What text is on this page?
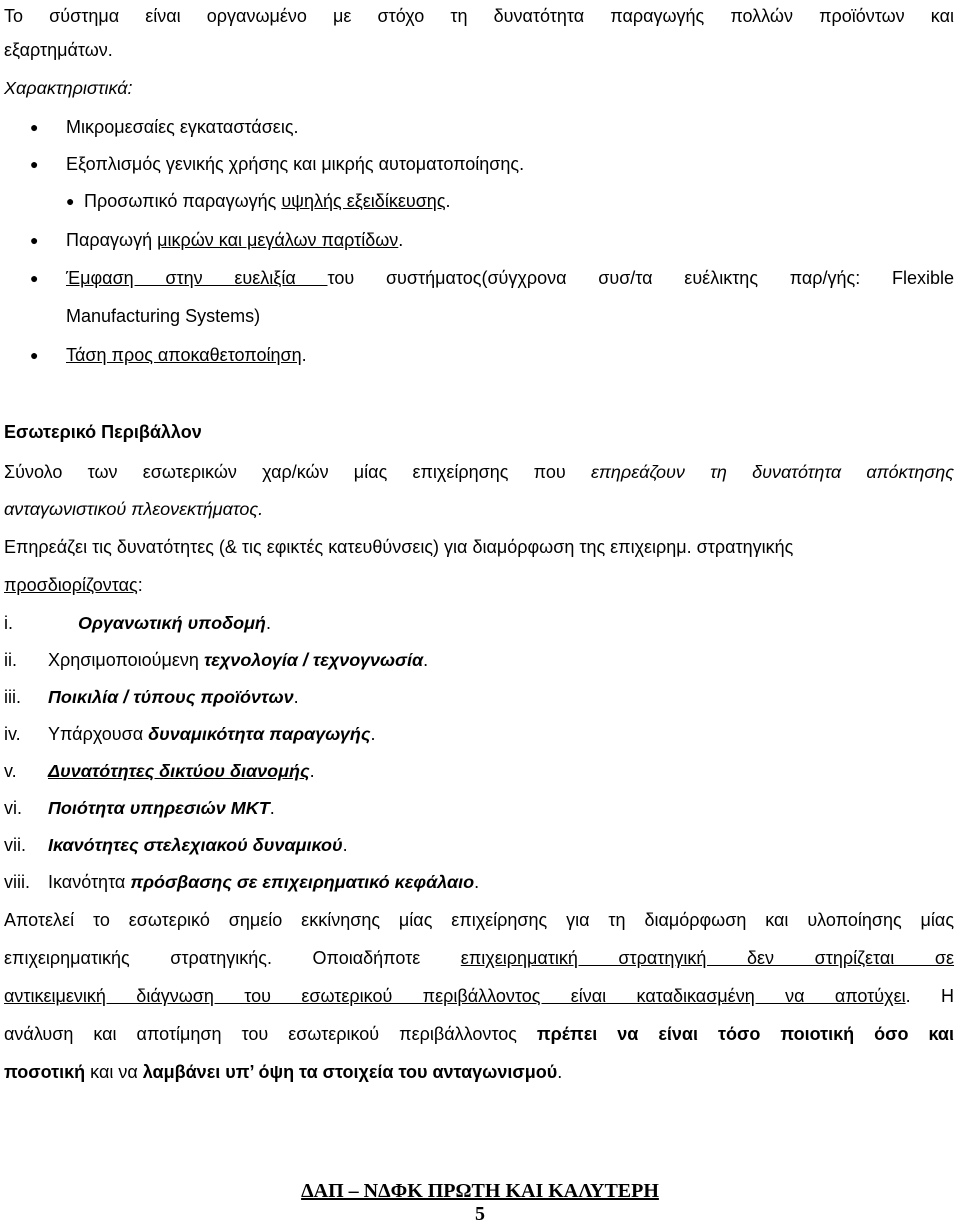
Το σύστημα είναι οργανωμένο με στόχο τη δυνατότητα παραγωγής πολλών προϊόντων και

εξαρτημάτων.

Χαρακτηριστικά:

● Μικρομεσαίες εγκαταστάσεις.
● Εξοπλισμός γενικής χρήσης και μικρής αυτοματοποίησης.
● Προσωπικό παραγωγής υψηλής εξειδίκευσης.
● Παραγωγή μικρών και μεγάλων παρτίδων.
● Έμφαση στην ευελιξία του συστήματος(σύγχρονα συσ/τα ευέλικτης παρ/γής: Flexible
Manufacturing Systems)
● Τάση προς αποκαθετοποίηση.

Εσωτερικό Περιβάλλον

Σύνολο των εσωτερικών χαρ/κών μίας επιχείρησης που επηρεάζουν τη δυνατότητα απόκτησης

ανταγωνιστικού πλεονεκτήματος.

Επηρεάζει τις δυνατότητες (& τις εφικτές κατευθύνσεις) για διαμόρφωση της επιχειρημ. στρατηγικής

προσδιορίζοντας:

i.	Οργανωτική υποδομή.
ii. Χρησιμοποιούμενη τεχνολογία / τεχνογνωσία.
iii. Ποικιλία / τύπους προϊόντων.
iv. Υπάρχουσα δυναμικότητα παραγωγής.
v. Δυνατότητες δικτύου διανομής.
vi. Ποιότητα υπηρεσιών ΜΚΤ.
vii. Ικανότητες στελεχιακού δυναμικού.
viii. Ικανότητα πρόσβασης σε επιχειρηματικό κεφάλαιο.

Αποτελεί το εσωτερικό σημείο εκκίνησης μίας επιχείρησης για τη διαμόρφωση και υλοποίησης μίας

επιχειρηματικής στρατηγικής. Οποιαδήποτε επιχειρηματική στρατηγική δεν στηρίζεται σε

αντικειμενική διάγνωση του εσωτερικού περιβάλλοντος είναι καταδικασμένη να αποτύχει. Η

ανάλυση και αποτίμηση του εσωτερικού περιβάλλοντος πρέπει να είναι τόσο ποιοτική όσο και

ποσοτική και να λαμβάνει υπ’ όψη τα στοιχεία του ανταγωνισμού.

ΔΑΠ – ΝΔΦΚ ΠΡΩΤΗ ΚΑΙ ΚΑΛΥΤΕΡΗ
5
